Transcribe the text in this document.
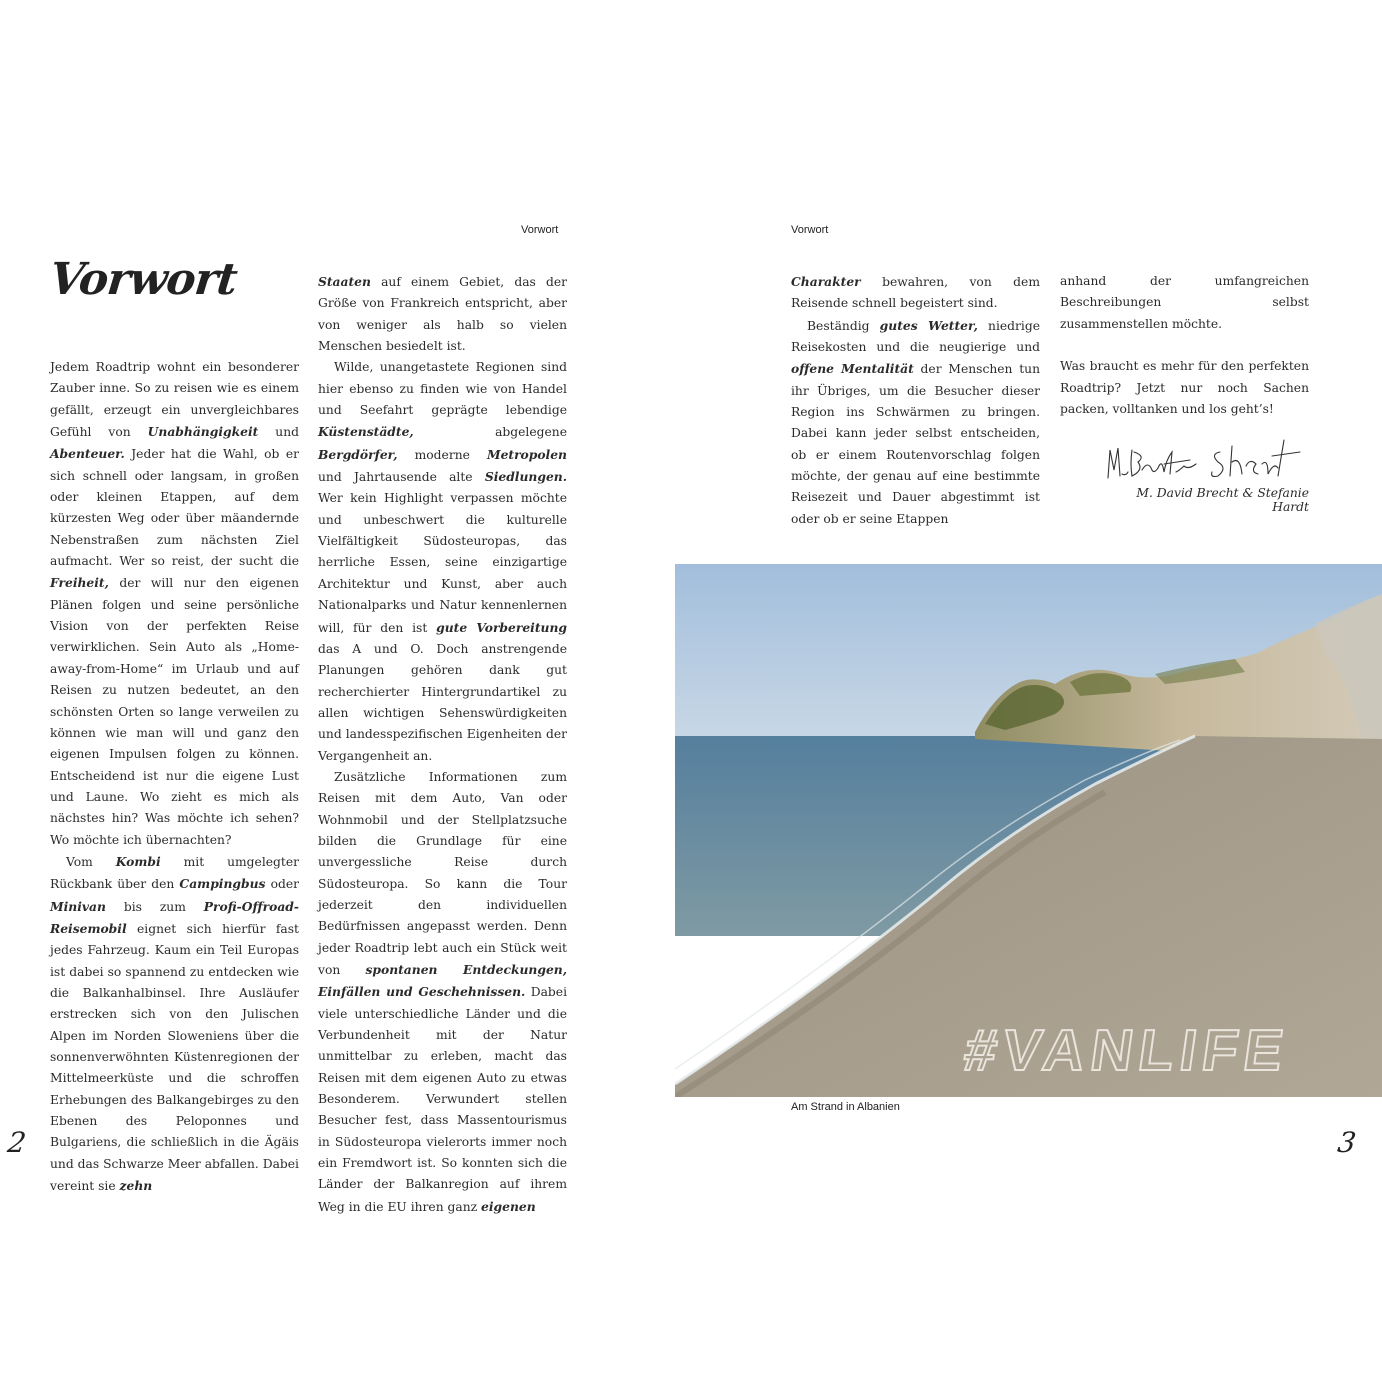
Vorwort	Vorwort
Vorwort

Jedem Roadtrip wohnt ein besonderer Zauber inne. So zu reisen wie es einem gefällt, erzeugt ein unvergleichbares Gefühl von Unabhängigkeit und Abenteuer. Jeder hat die Wahl, ob er sich schnell oder langsam, in großen oder kleinen Etappen, auf dem kürzesten Weg oder über mäandernde Nebenstraßen zum nächsten Ziel aufmacht. Wer so reist, der sucht die Freiheit, der will nur den eigenen Plänen folgen und seine persönliche Vision von der perfekten Reise verwirklichen. Sein Auto als „Home-away-from-Home“ im Urlaub und auf Reisen zu nutzen bedeutet, an den schönsten Orten so lange verweilen zu können wie man will und ganz den eigenen Impulsen folgen zu können. Entscheidend ist nur die eigene Lust und Laune. Wo zieht es mich als nächstes hin? Was möchte ich sehen? Wo möchte ich übernachten?

Vom Kombi mit umgelegter Rückbank über den Campingbus oder Minivan bis zum Profi-Offroad-Reisemobil eignet sich hierfür fast jedes Fahrzeug. Kaum ein Teil Europas ist dabei so spannend zu entdecken wie die Balkanhalbinsel. Ihre Ausläufer erstrecken sich von den Julischen Alpen im Norden Sloweniens über die sonnenverwöhnten Küstenregionen der Mittelmeerküste und die schroffen Erhebungen des Balkangebirges zu den Ebenen des Peloponnes und Bulgariens, die schließlich in die Ägäis und das Schwarze Meer abfallen. Dabei vereint sie zehn

Staaten auf einem Gebiet, das der Größe von Frankreich entspricht, aber von weniger als halb so vielen Menschen besiedelt ist.

Wilde, unangetastete Regionen sind hier ebenso zu finden wie von Handel und Seefahrt geprägte lebendige Küstenstädte, abgelegene Bergdörfer, moderne Metropolen und Jahrtausende alte Siedlungen. Wer kein Highlight verpassen möchte und unbeschwert die kulturelle Vielfältigkeit Südosteuropas, das herrliche Essen, seine einzigartige Architektur und Kunst, aber auch Nationalparks und Natur kennenlernen will, für den ist gute Vorbereitung das A und O. Doch anstrengende Planungen gehören dank gut recherchierter Hintergrundartikel zu allen wichtigen Sehenswürdigkeiten und landesspezifischen Eigenheiten der Vergangenheit an.

Zusätzliche Informationen zum Reisen mit dem Auto, Van oder Wohnmobil und der Stellplatzsuche bilden die Grundlage für eine unvergessliche Reise durch Südosteuropa. So kann die Tour jederzeit den individuellen Bedürfnissen angepasst werden. Denn jeder Roadtrip lebt auch ein Stück weit von spontanen Entdeckungen, Einfällen und Geschehnissen. Dabei viele unterschiedliche Länder und die Verbundenheit mit der Natur unmittelbar zu erleben, macht das Reisen mit dem eigenen Auto zu etwas Besonderem. Verwundert stellen Besucher fest, dass Massentourismus in Südosteuropa vielerorts immer noch ein Fremdwort ist. So konnten sich die Länder der Balkanregion auf ihrem Weg in die EU ihren ganz eigenen

Charakter bewahren, von dem Reisende schnell begeistert sind.

Beständig gutes Wetter, niedrige Reisekosten und die neugierige und offene Mentalität der Menschen tun ihr Übriges, um die Besucher dieser Region ins Schwärmen zu bringen. Dabei kann jeder selbst entscheiden, ob er einem Routenvorschlag folgen möchte, der genau auf eine bestimmte Reisezeit und Dauer abgestimmt ist oder ob er seine Etappen

anhand der umfangreichen Beschreibungen selbst zusammenstellen möchte.

Was braucht es mehr für den perfekten Roadtrip? Jetzt nur noch Sachen packen, volltanken und los geht’s!

M. David Brecht & Stefanie Hardt
#VANLIFE
Am Strand in Albanien
2	3
